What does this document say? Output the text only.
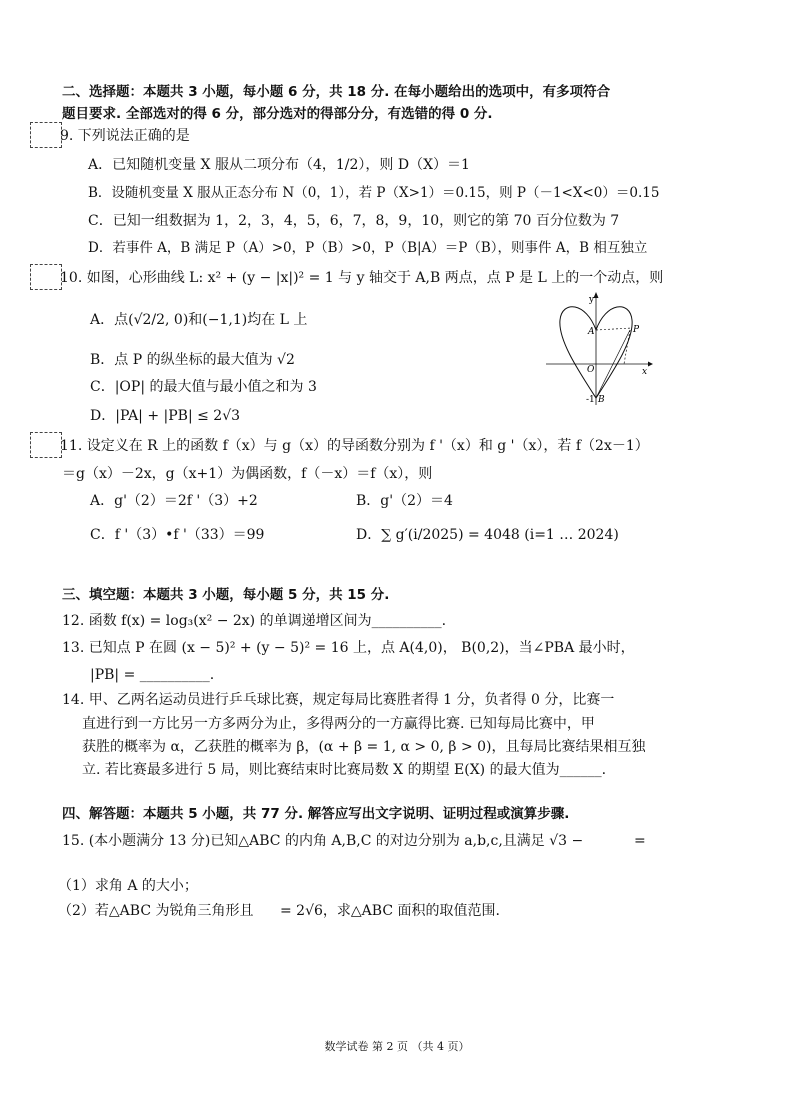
二、选择题：本题共 3 小题，每小题 6 分，共 18 分. 在每小题给出的选项中，有多项符合
题目要求. 全部选对的得 6 分，部分选对的得部分分，有选错的得 0 分.
9. 下列说法正确的是
A．已知随机变量 X 服从二项分布（4，1/2），则 D（X）＝1
B．设随机变量 X 服从正态分布 N（0，1），若 P（X>1）＝0.15，则 P（－1<X<0）＝0.15
C．已知一组数据为 1，2，3，4，5，6，7，8，9，10，则它的第 70 百分位数为 7
D．若事件 A，B 满足 P（A）>0，P（B）>0，P（B|A）＝P（B），则事件 A，B 相互独立
10. 如图，心形曲线 L: x² + (y − |x|)² = 1 与 y 轴交于 A,B 两点，点 P 是 L 上的一个动点，则
A．点(√2/2, 0)和(−1,1)均在 L 上
B．点 P 的纵坐标的最大值为 √2
C．|OP| 的最大值与最小值之和为 3
D．|PA| + |PB| ≤ 2√3
y
x
A	P
O
B
-1
11. 设定义在 R 上的函数 f（x）与 g（x）的导函数分别为 f '（x）和 g '（x），若 f（2x－1）
＝g（x）－2x，g（x+1）为偶函数，f（－x）＝f（x），则
A．g'（2）＝2f '（3）+2	B．g'（2）＝4
C．f '（3）•f '（33）＝99	D．∑ g′(i/2025) = 4048 (i=1 … 2024)
三、填空题：本题共 3 小题，每小题 5 分，共 15 分.
12. 函数 f(x) = log₃(x² − 2x) 的单调递增区间为__________.
13. 已知点 P 在圆 (x − 5)² + (y − 5)² = 16 上，点 A(4,0)， B(0,2)，当∠PBA 最小时，
|PB| = __________.
14. 甲、乙两名运动员进行乒乓球比赛，规定每局比赛胜者得 1 分，负者得 0 分，比赛一
直进行到一方比另一方多两分为止，多得两分的一方赢得比赛. 已知每局比赛中，甲
获胜的概率为 α，乙获胜的概率为 β，(α + β = 1, α > 0, β > 0)，且每局比赛结果相互独
立. 若比赛最多进行 5 局，则比赛结束时比赛局数 X 的期望 E(X) 的最大值为______.
四、解答题：本题共 5 小题，共 77 分. 解答应写出文字说明、证明过程或演算步骤.
15. (本小题满分 13 分)已知△ABC 的内角 A,B,C 的对边分别为 a,b,c,且满足 √3 −	=
（1）求角 A 的大小；
（2）若△ABC 为锐角三角形且 = 2√6，求△ABC 面积的取值范围.
数学试卷 第 2 页 （共 4 页）
